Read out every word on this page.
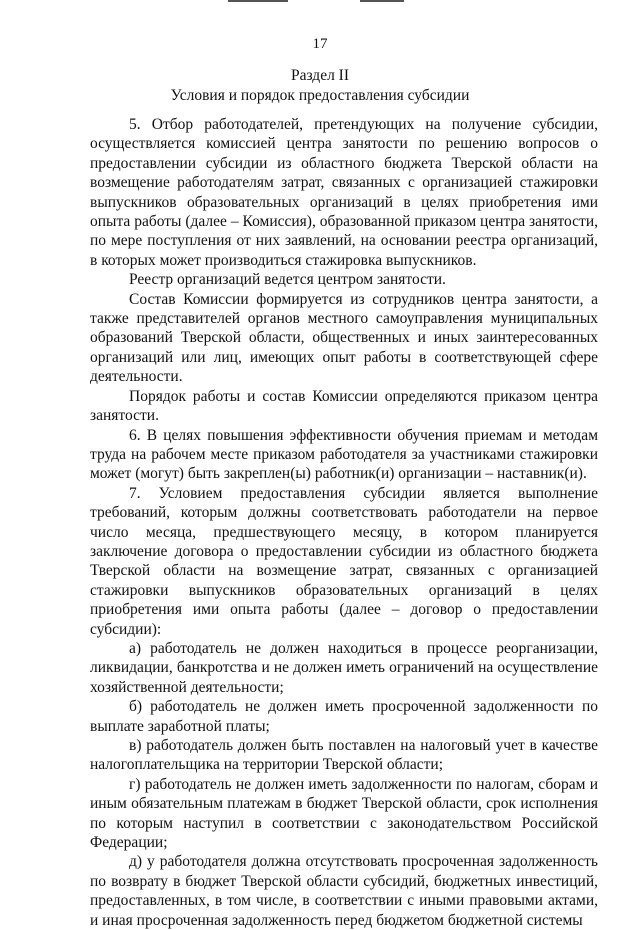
17
Раздел II
Условия и порядок предоставления субсидии

5. Отбор работодателей, претендующих на получение субсидии, осуществляется комиссией центра занятости по решению вопросов о предоставлении субсидии из областного бюджета Тверской области на возмещение работодателям затрат, связанных с организацией стажировки выпускников образовательных организаций в целях приобретения ими опыта работы (далее – Комиссия), образованной приказом центра занятости, по мере поступления от них заявлений, на основании реестра организаций, в которых может производиться стажировка выпускников.

Реестр организаций ведется центром занятости.

Состав Комиссии формируется из сотрудников центра занятости, а также представителей органов местного самоуправления муниципальных образований Тверской области, общественных и иных заинтересованных организаций или лиц, имеющих опыт работы в соответствующей сфере деятельности.

Порядок работы и состав Комиссии определяются приказом центра занятости.

6. В целях повышения эффективности обучения приемам и методам труда на рабочем месте приказом работодателя за участниками стажировки может (могут) быть закреплен(ы) работник(и) организации – наставник(и).

7. Условием предоставления субсидии является выполнение требований, которым должны соответствовать работодатели на первое число месяца, предшествующего месяцу, в котором планируется заключение договора о предоставлении субсидии из областного бюджета Тверской области на возмещение затрат, связанных с организацией стажировки выпускников образовательных организаций в целях приобретения ими опыта работы (далее – договор о предоставлении субсидии):

а) работодатель не должен находиться в процессе реорганизации, ликвидации, банкротства и не должен иметь ограничений на осуществление хозяйственной деятельности;

б) работодатель не должен иметь просроченной задолженности по выплате заработной платы;

в) работодатель должен быть поставлен на налоговый учет в качестве налогоплательщика на территории Тверской области;

г) работодатель не должен иметь задолженности по налогам, сборам и иным обязательным платежам в бюджет Тверской области, срок исполнения по которым наступил в соответствии с законодательством Российской Федерации;

д) у работодателя должна отсутствовать просроченная задолженность по возврату в бюджет Тверской области субсидий, бюджетных инвестиций, предоставленных, в том числе, в соответствии с иными правовыми актами, и иная просроченная задолженность перед бюджетом бюджетной системы
